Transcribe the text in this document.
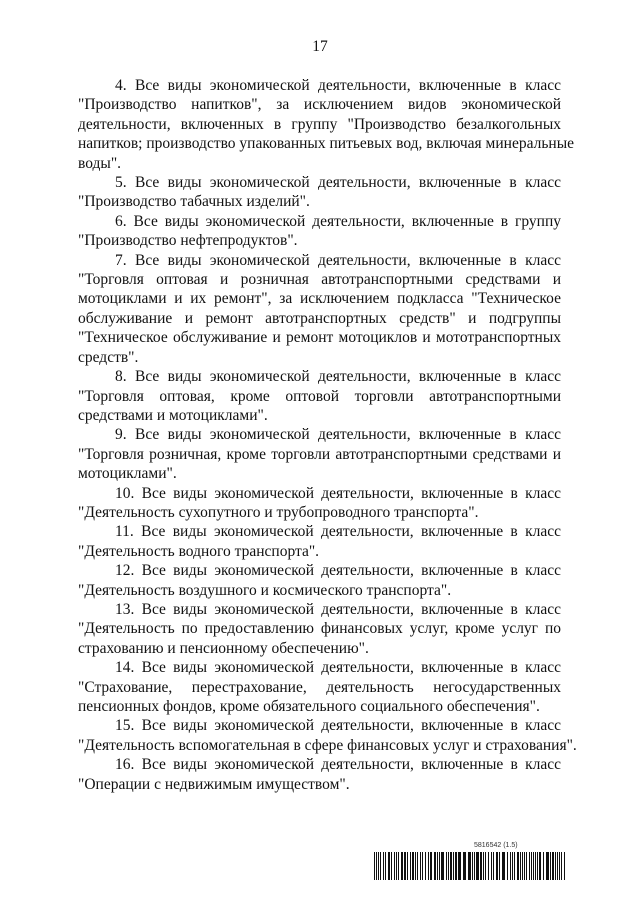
17
4. Все виды экономической деятельности, включенные в класс
"Производство напитков", за исключением видов экономической
деятельности, включенных в группу "Производство безалкогольных
напитков; производство упакованных питьевых вод, включая минеральные
воды".
5. Все виды экономической деятельности, включенные в класс
"Производство табачных изделий".
6. Все виды экономической деятельности, включенные в группу
"Производство нефтепродуктов".
7. Все виды экономической деятельности, включенные в класс
"Торговля оптовая и розничная автотранспортными средствами и
мотоциклами и их ремонт", за исключением подкласса "Техническое
обслуживание и ремонт автотранспортных средств" и подгруппы
"Техническое обслуживание и ремонт мотоциклов и мототранспортных
средств".
8. Все виды экономической деятельности, включенные в класс
"Торговля оптовая, кроме оптовой торговли автотранспортными
средствами и мотоциклами".
9. Все виды экономической деятельности, включенные в класс
"Торговля розничная, кроме торговли автотранспортными средствами и
мотоциклами".
10. Все виды экономической деятельности, включенные в класс
"Деятельность сухопутного и трубопроводного транспорта".
11. Все виды экономической деятельности, включенные в класс
"Деятельность водного транспорта".
12. Все виды экономической деятельности, включенные в класс
"Деятельность воздушного и космического транспорта".
13. Все виды экономической деятельности, включенные в класс
"Деятельность по предоставлению финансовых услуг, кроме услуг по
страхованию и пенсионному обеспечению".
14. Все виды экономической деятельности, включенные в класс
"Страхование, перестрахование, деятельность негосударственных
пенсионных фондов, кроме обязательного социального обеспечения".
15. Все виды экономической деятельности, включенные в класс
"Деятельность вспомогательная в сфере финансовых услуг и страхования".
16. Все виды экономической деятельности, включенные в класс
"Операции с недвижимым имуществом".
5816542 (1.5)
